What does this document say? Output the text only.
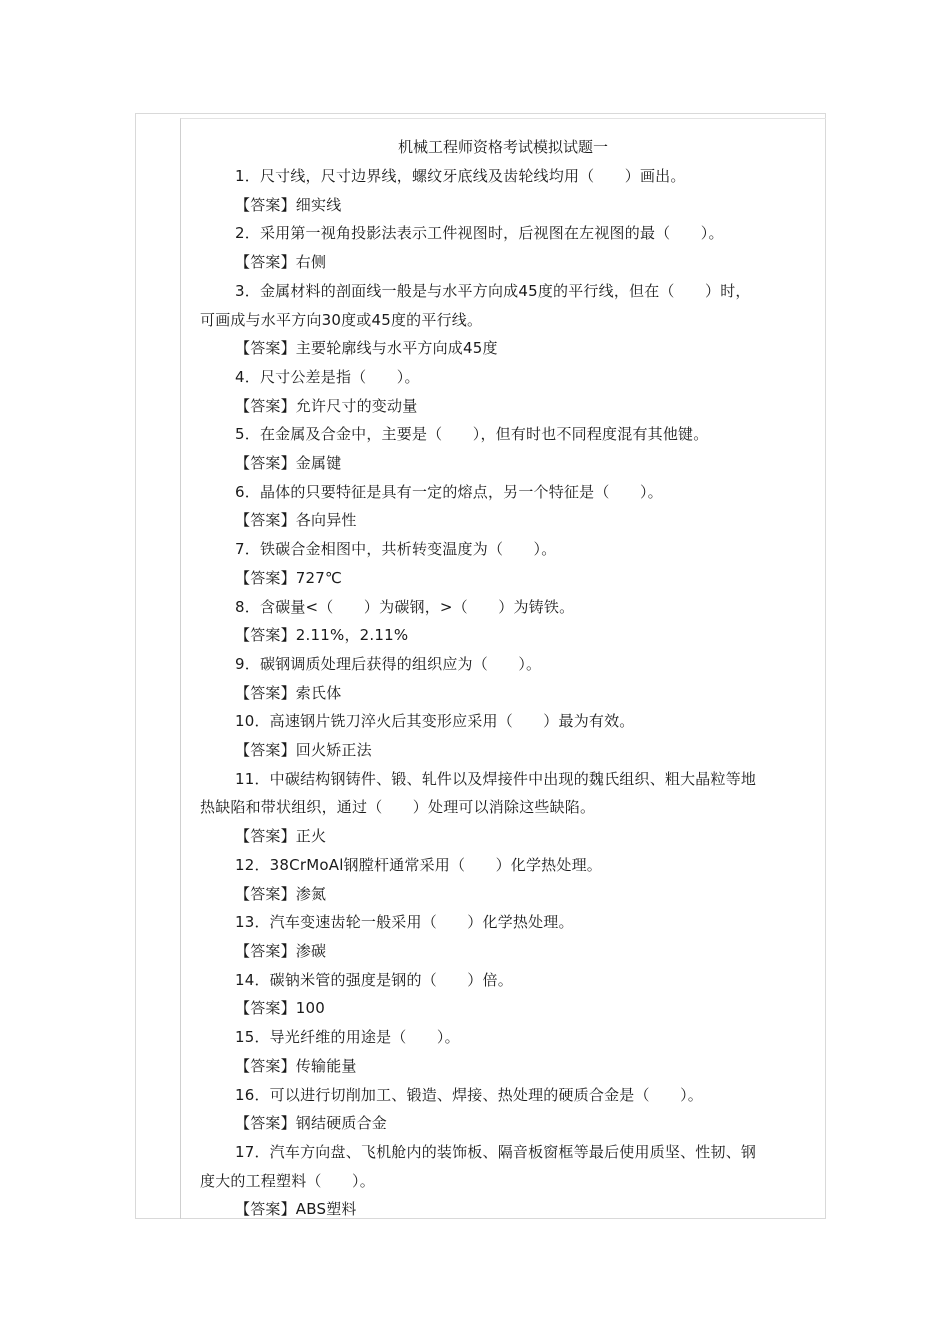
机械工程师资格考试模拟试题一
1．尺寸线，尺寸边界线，螺纹牙底线及齿轮线均用（　　）画出。
【答案】细实线
2．采用第一视角投影法表示工件视图时，后视图在左视图的最（　　）。
【答案】右侧
3．金属材料的剖面线一般是与水平方向成45度的平行线，但在（　　）时，
可画成与水平方向30度或45度的平行线。
【答案】主要轮廓线与水平方向成45度
4．尺寸公差是指（　　）。
【答案】允许尺寸的变动量
5．在金属及合金中，主要是（　　），但有时也不同程度混有其他键。
【答案】金属键
6．晶体的只要特征是具有一定的熔点，另一个特征是（　　）。
【答案】各向异性
7．铁碳合金相图中，共析转变温度为（　　）。
【答案】727℃
8．含碳量<（　　）为碳钢，>（　　）为铸铁。
【答案】2.11%，2.11%
9．碳钢调质处理后获得的组织应为（　　）。
【答案】索氏体
10．高速钢片铣刀淬火后其变形应采用（　　）最为有效。
【答案】回火矫正法
11．中碳结构钢铸件、锻、轧件以及焊接件中出现的魏氏组织、粗大晶粒等地
热缺陷和带状组织，通过（　　）处理可以消除这些缺陷。
【答案】正火
12．38CrMoAl钢膛杆通常采用（　　）化学热处理。
【答案】渗氮
13．汽车变速齿轮一般采用（　　）化学热处理。
【答案】渗碳
14．碳钠米管的强度是钢的（　　）倍。
【答案】100
15．导光纤维的用途是（　　）。
【答案】传输能量
16．可以进行切削加工、锻造、焊接、热处理的硬质合金是（　　）。
【答案】钢结硬质合金
17．汽车方向盘、飞机舱内的装饰板、隔音板窗框等最后使用质坚、性韧、钢
度大的工程塑料（　　）。
【答案】ABS塑料
